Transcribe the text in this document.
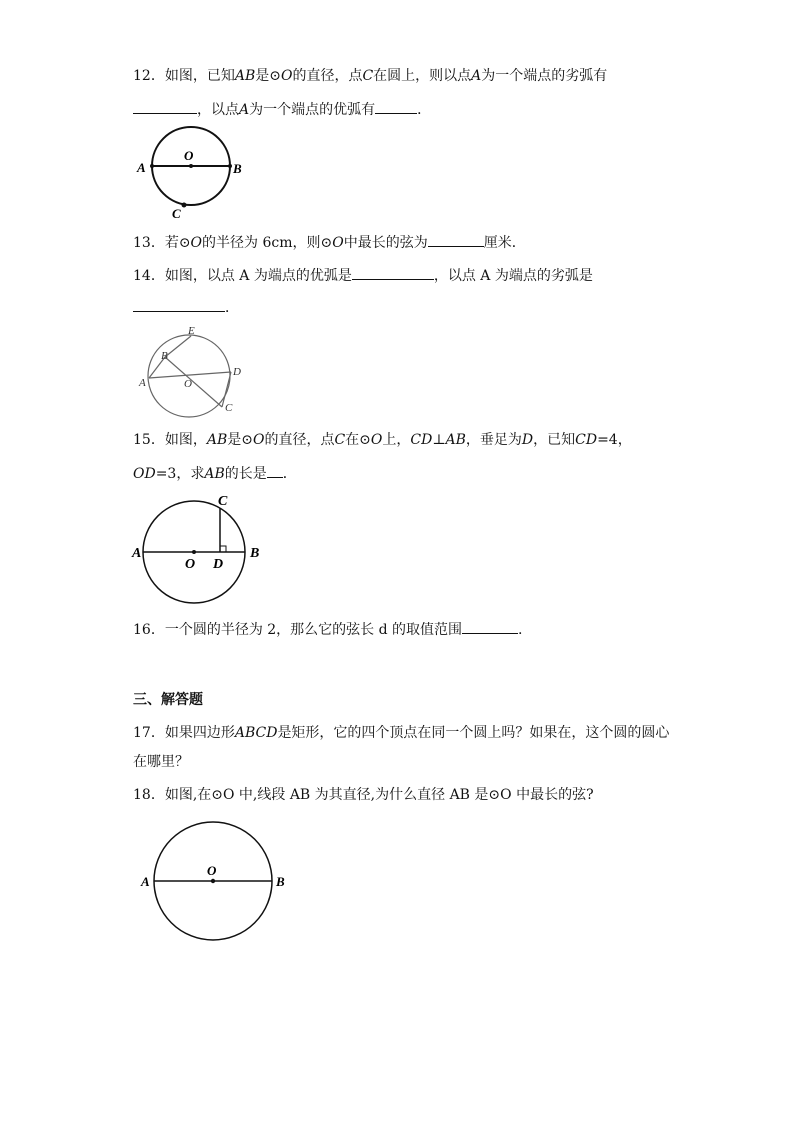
12．如图，已知AB是⊙O的直径，点C在圆上，则以点A为一个端点的劣弧有
，以点A为一个端点的优弧有	．
O
A	B
C
13．若⊙O的半径为 6cm，则⊙O中最长的弦为	厘米．
14．如图，以点 A 为端点的优弧是	，以点 A 为端点的劣弧是
．
E
B
A	O
D
C
15．如图，AB是⊙O的直径，点C在⊙O上，CD⊥AB，垂足为D，已知CD=4，
OD=3，求AB的长是 ．
A	B
O
C
D
16．一个圆的半径为 2，那么它的弦长 d 的取值范围	.
三、解答题
17．如果四边形ABCD是矩形，它的四个顶点在同一个圆上吗？如果在，这个圆的圆心
在哪里？
18．如图,在⊙O 中,线段 AB 为其直径,为什么直径 AB 是⊙O 中最长的弦?
A	B
O
